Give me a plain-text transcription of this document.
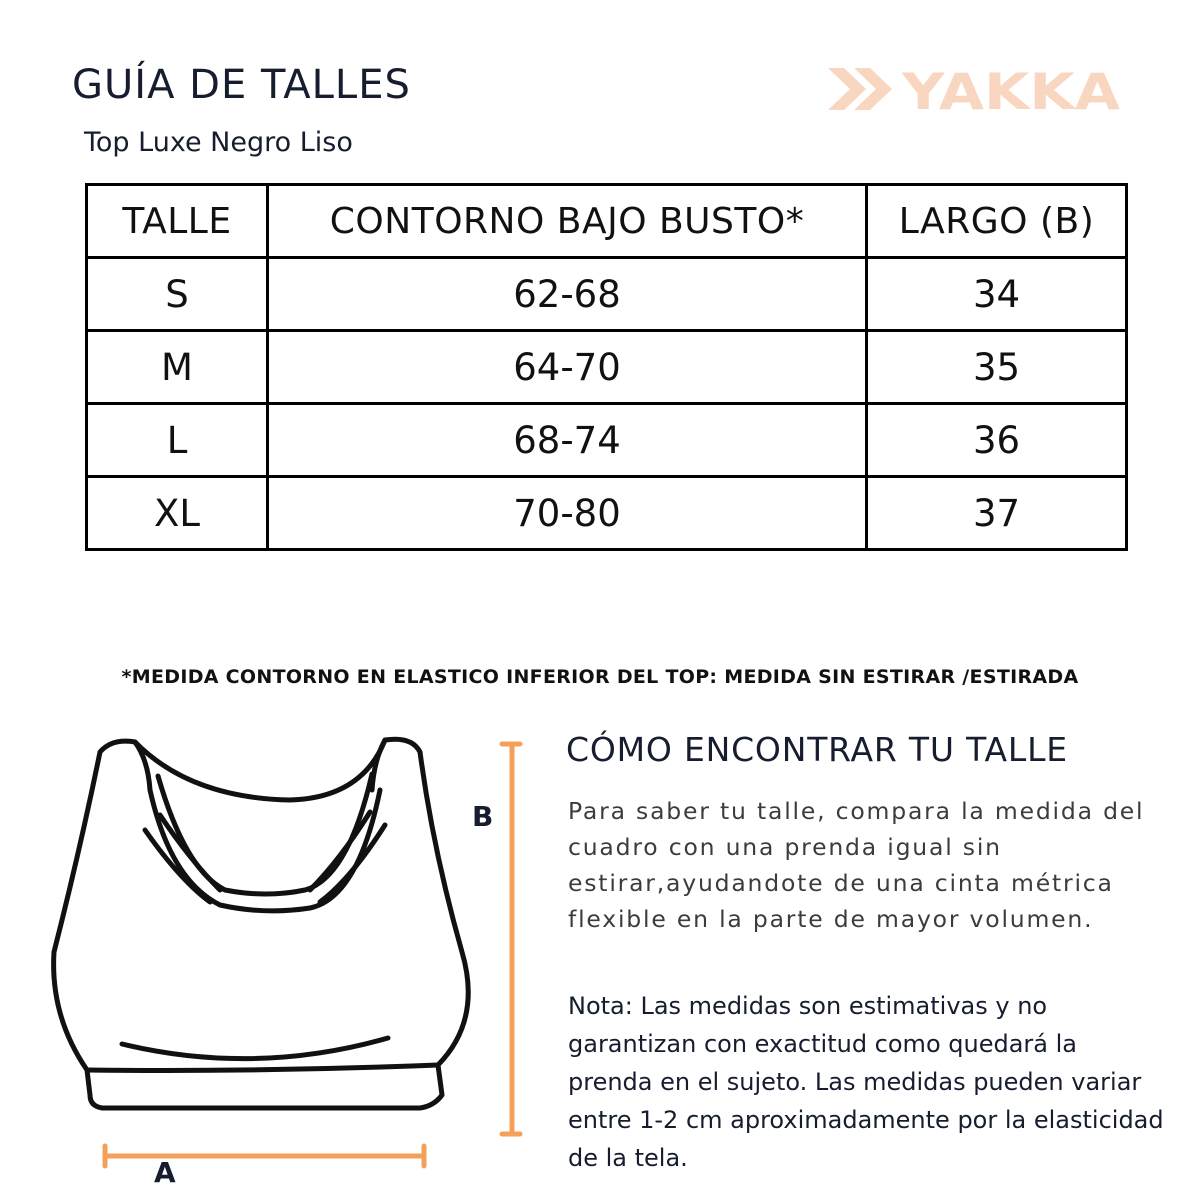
GUÍA DE TALLES
Top Luxe Negro Liso
YAKKA
TALLE	CONTORNO BAJO BUSTO*	LARGO (B)
S	62-68	34
M	64-70	35
L	68-74	36
XL	70-80	37
*MEDIDA CONTORNO EN ELASTICO INFERIOR DEL TOP: MEDIDA SIN ESTIRAR /ESTIRADA
B
A
CÓMO ENCONTRAR TU TALLE
Para saber tu talle, compara la medida del cuadro con una prenda igual sin estirar,ayudandote de una cinta métrica flexible en la parte de mayor volumen.
Nota: Las medidas son estimativas y no garantizan con exactitud como quedará la prenda en el sujeto. Las medidas pueden variar entre 1-2 cm aproximadamente por la elasticidad de la tela.
